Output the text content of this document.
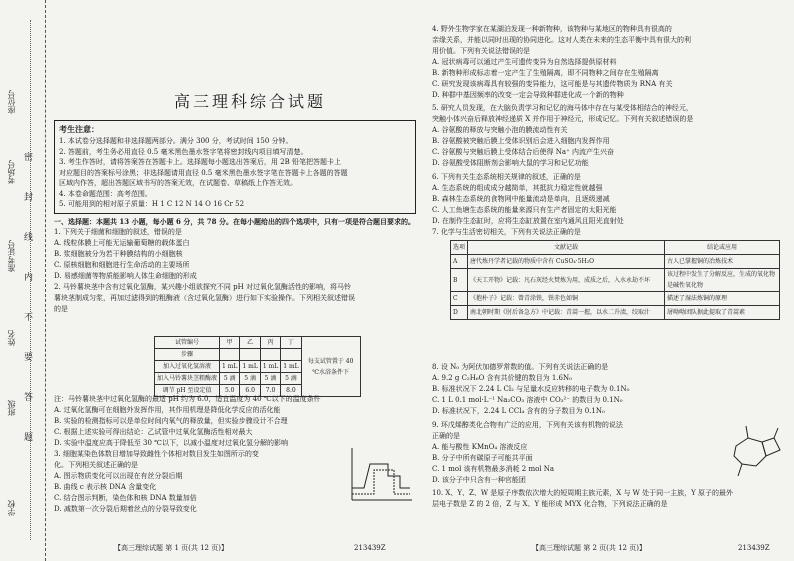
学校
班级
姓名
准考证号
考场号
座位号
密
封
线
内
不
要
答
题
高三理科综合试题
考生注意：
1. 本试卷分选择题和非选择题两部分。满分 300 分，考试时间 150 分钟。
2. 答题前，考生务必用直径 0.5 毫米黑色墨水签字笔将密封线内项目填写清楚。
3. 考生作答时，请将答案答在答题卡上。选择题每小题选出答案后，用 2B 铅笔把答题卡上
对应题目的答案标号涂黑；非选择题请用直径 0.5 毫米黑色墨水签字笔在答题卡上各题的答题
区域内作答，超出答题区域书写的答案无效，在试题卷、草稿纸上作答无效。
4. 本卷命题范围：高考范围。
5. 可能用到的相对原子质量：H 1 C 12 N 14 O 16 Cr 52
一、选择题：本题共 13 小题，每小题 6 分，共 78 分。在每小题给出的四个选项中，只有一项是符合题目要求的。
1. 下列关于细菌和细胞的叙述，错误的是
A. 线粒体膜上可能无运输葡萄糖的载体蛋白
B. 浆细胞被分为若干种膜结构的小细胞核
C. 原核细胞和细胞进行生命活动的主要场所
D. 易感细菌等物质能影响人体生命细胞的形成
2. 马铃薯块茎中含有过氧化氢酶，某兴趣小组欲探究不同 pH 对过氧化氢酶活性的影响，将马铃
薯块茎制成匀浆，再加过滤得到的粗酶液（含过氧化氢酶）进行如下实验操作。下列相关叙述错误
的是
试管编号	甲	乙	丙	丁	每支试管置于 40 ℃水浴条件下
步骤					
加入过氧化氢溶液	1 mL	1 mL	1 mL	1 mL	
加入马铃薯块茎粗酶液	5 滴	5 滴	5 滴	5 滴	
调节 pH 至设定值	5.0	6.0	7.0	8.0	
注：马铃薯块茎中过氧化氢酶的最适 pH 约为 6.0，适宜温度为 40 ℃以下的温度条件
A. 过氧化氢酶可在细胞外发挥作用，其作用机理是降低化学反应的活化能
B. 实验的检测指标可以是单位时间内氧气的释放量，但实验步骤设计不合理
C. 根据上述实验可得出结论：乙试管中过氧化氢酶活性相对最大
D. 实验中温度应高于降低至 30 ℃以下，以减小温度对过氧化氢分解的影响
3. 细胞某染色体数目增加导致雌性个体相对数目发生如图所示的变
化。下列相关叙述正确的是
A. 图示物质变化可以出现在有丝分裂后期
B. 曲线 c 表示核 DNA 含量变化
C. 结合图示判断，染色体和核 DNA 数量加倍
D. 减数第一次分裂后期着丝点的分裂导致变化
【高三理综试题 第 1 页(共 12 页)】	213439Z
4. 野外生物学家在某湖泊发现一种新物种，该物种与某地区的物种具有很高的
亲缘关系，并能以同时出现的协同进化。这对人类在未来的生态平衡中具有很大的利
用价值。下列有关说法错误的是
A. 冠状病毒可以通过产生可遗传变异为自然选择提供原材料
B. 新物种形成标志着一定产生了生殖隔离，即不同物种之间存在生殖隔离
C. 研究发现该病毒具有较强的变异能力，这可能是与其遗传物质为 RNA 有关
D. 种群中基因频率的改变一定会导致种群进化成一个新的物种
5. 研究人员发现，在大脑负责学习和记忆的海马体中存在与某受体相结合的神经元，
突触小体兴奋后释放神经递质 X 并作用于神经元，形成记忆。下列有关叙述错误的是
A. 谷氨酸的释放与突触小泡的膜流动性有关
B. 谷氨酸被突触后膜上受体识别后会进入细胞内发挥作用
C. 谷氨酸与突触后膜上受体结合后使得 Na⁺ 内流产生兴奋
D. 谷氨酸受体阻断剂会影响大鼠的学习和记忆功能
6. 下列有关生态系统相关规律的叙述，正确的是
A. 生态系统的组成成分越简单，其抵抗力稳定性就越强
B. 森林生态系统的食物网中能量流动是单向，且逐级递减
C. 人工鱼塘生态系统的能量来源只有生产者固定的太阳光能
D. 在制作生态缸时，应将生态缸放置在室内通风且阳光直射处
7. 化学与生活密切相关，下列有关说法正确的是
选项	文献记载	结论或应用
A	唐代炼丹学者记载的物质中含有 CuSO₄·5H₂O	古人已掌握铜的冶炼技术
B	《天工开物》记载：凡石灰经火焚炼为用，成质之后，入水永劫不坏	该过程中发生了分解反应，生成的氧化物是碱性氧化物
C	《抱朴子》记载：曾青涂铁，铁赤色如铜	描述了湿法炼铜的原理
D	南北朝时期《肘后备急方》中记载：青蒿一握，以水二升渍，绞取汁	屠呦呦团队据此提取了青蒿素
8. 设 N₀ 为阿伏加德罗常数的值。下列有关说法正确的是
A. 9.2 g C₂H₆O 含有共价键的数目为 1.6N₀
B. 标准状况下 2.24 L Cl₂ 与足量水反应转移的电子数为 0.1N₀
C. 1 L 0.1 mol·L⁻¹ Na₂CO₃ 溶液中 CO₃²⁻ 的数目为 0.1N₀
D. 标准状况下，2.24 L CCl₄ 含有的分子数目为 0.1N₀
9. 环戊烯醇类化合物有广泛的应用，下列有关该有机物的说法
正确的是
A. 能与酸性 KMnO₄ 溶液反应
B. 分子中所有碳原子可能共平面
C. 1 mol 该有机物最多消耗 2 mol Na
D. 该分子中只含有一种官能团
10. X、Y、Z、W 是原子序数依次增大的短周期主族元素，X 与 W 处于同一主族，Y 原子的最外
层电子数是 Z 的 2 倍，Z 与 X、Y 能形成 MYX 化合物，下列说法正确的是
【高三理综试题 第 2 页(共 12 页)】	213439Z
